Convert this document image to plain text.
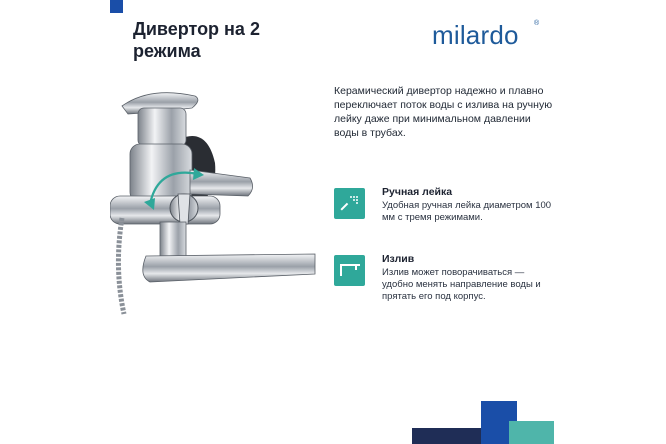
Дивертор на 2 режима
milardo ®
Керамический дивертор надежно и плавно переключает поток воды с излива на ручную лейку даже при минимальном давлении воды в трубах.
Ручная лейка
Удобная ручная лейка диаметром 100 мм с тремя режимами.
Излив
Излив может поворачиваться — удобно менять направление воды и прятать его под корпус.
